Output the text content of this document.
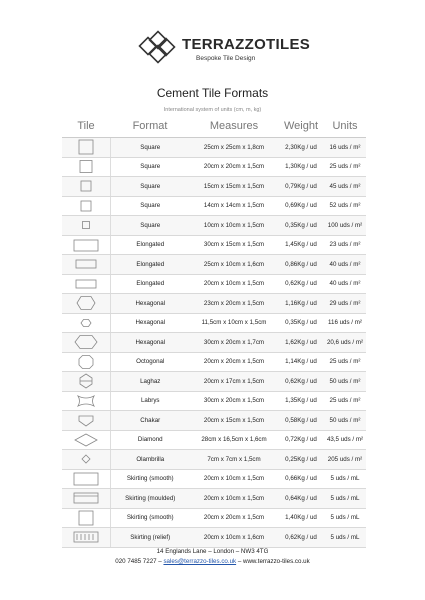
TERRAZZOTILES
Bespoke Tile Design
Cement Tile Formats
International system of units (cm, m, kg)
Tile	Format	Measures	Weight	Units

	Square	25cm x 25cm x 1,8cm	2,30Kg / ud	16 uds / m²

	Square	20cm x 20cm x 1,5cm	1,30Kg / ud	25 uds / m²

	Square	15cm x 15cm x 1,5cm	0,79Kg / ud	45 uds / m²

	Square	14cm x 14cm x 1,5cm	0,69Kg / ud	52 uds / m²

	Square	10cm x 10cm x 1,5cm	0,35Kg / ud	100 uds / m²

	Elongated	30cm x 15cm x 1,5cm	1,45Kg / ud	23 uds / m²

	Elongated	25cm x 10cm x 1,6cm	0,86Kg / ud	40 uds / m²

	Elongated	20cm x 10cm x 1,5cm	0,62Kg / ud	40 uds / m²

	Hexagonal	23cm x 20cm x 1,5cm	1,16Kg / ud	29 uds / m²

	Hexagonal	11,5cm x 10cm x 1,5cm	0,35Kg / ud	116 uds / m²

	Hexagonal	30cm x 20cm x 1,7cm	1,62Kg / ud	20,6 uds / m²

	Octogonal	20cm x 20cm x 1,5cm	1,14Kg / ud	25 uds / m²

	Laghaz	20cm x 17cm x 1,5cm	0,62Kg / ud	50 uds / m²

	Labrys	30cm x 20cm x 1,5cm	1,35Kg / ud	25 uds / m²

	Chakar	20cm x 15cm x 1,5cm	0,58Kg / ud	50 uds / m²

	Diamond	28cm x 16,5cm x 1,6cm	0,72Kg / ud	43,5 uds / m²

	Olambrilla	7cm x 7cm x 1,5cm	0,25Kg / ud	205 uds / m²

	Skirting (smooth)	20cm x 10cm x 1,5cm	0,66Kg / ud	5 uds / mL

	Skirting (moulded)	20cm x 10cm x 1,5cm	0,64Kg / ud	5 uds / mL

	Skirting (smooth)	20cm x 20cm x 1,5cm	1,40Kg / ud	5 uds / mL

	Skirting (relief)	20cm x 10cm x 1,6cm	0,62Kg / ud	5 uds / mL
14 Englands Lane – London – NW3 4TG
020 7485 7227 – sales@terrazzo-tiles.co.uk – www.terrazzo-tiles.co.uk
